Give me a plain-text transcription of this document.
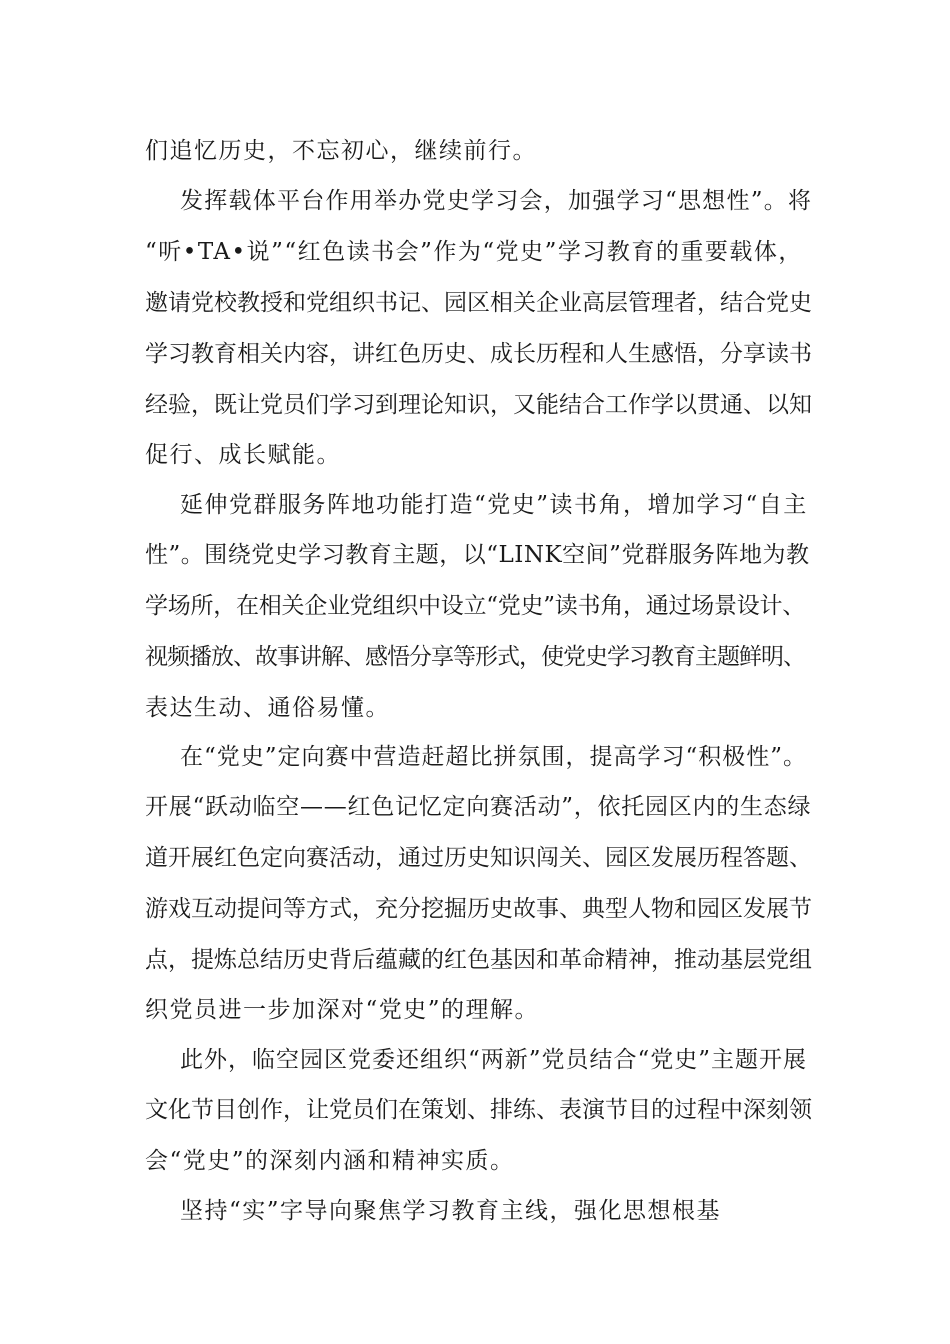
们追忆历史，不忘初心，继续前行。
发挥载体平台作用举办党史学习会，加强学习“思想性”。将
“听•TA•说”“红色读书会”作为“党史”学习教育的重要载体，
邀请党校教授和党组织书记、园区相关企业高层管理者，结合党史
学习教育相关内容，讲红色历史、成长历程和人生感悟，分享读书
经验，既让党员们学习到理论知识，又能结合工作学以贯通、以知
促行、成长赋能。
延伸党群服务阵地功能打造“党史”读书角，增加学习“自主
性”。围绕党史学习教育主题，以“LINK空间”党群服务阵地为教
学场所，在相关企业党组织中设立“党史”读书角，通过场景设计、
视频播放、故事讲解、感悟分享等形式，使党史学习教育主题鲜明、
表达生动、通俗易懂。
在“党史”定向赛中营造赶超比拼氛围，提高学习“积极性”。
开展“跃动临空——红色记忆定向赛活动”，依托园区内的生态绿
道开展红色定向赛活动，通过历史知识闯关、园区发展历程答题、
游戏互动提问等方式，充分挖掘历史故事、典型人物和园区发展节
点，提炼总结历史背后蕴藏的红色基因和革命精神，推动基层党组
织党员进一步加深对“党史”的理解。
此外，临空园区党委还组织“两新”党员结合“党史”主题开展
文化节目创作，让党员们在策划、排练、表演节目的过程中深刻领
会“党史”的深刻内涵和精神实质。
坚持“实”字导向聚焦学习教育主线，强化思想根基
